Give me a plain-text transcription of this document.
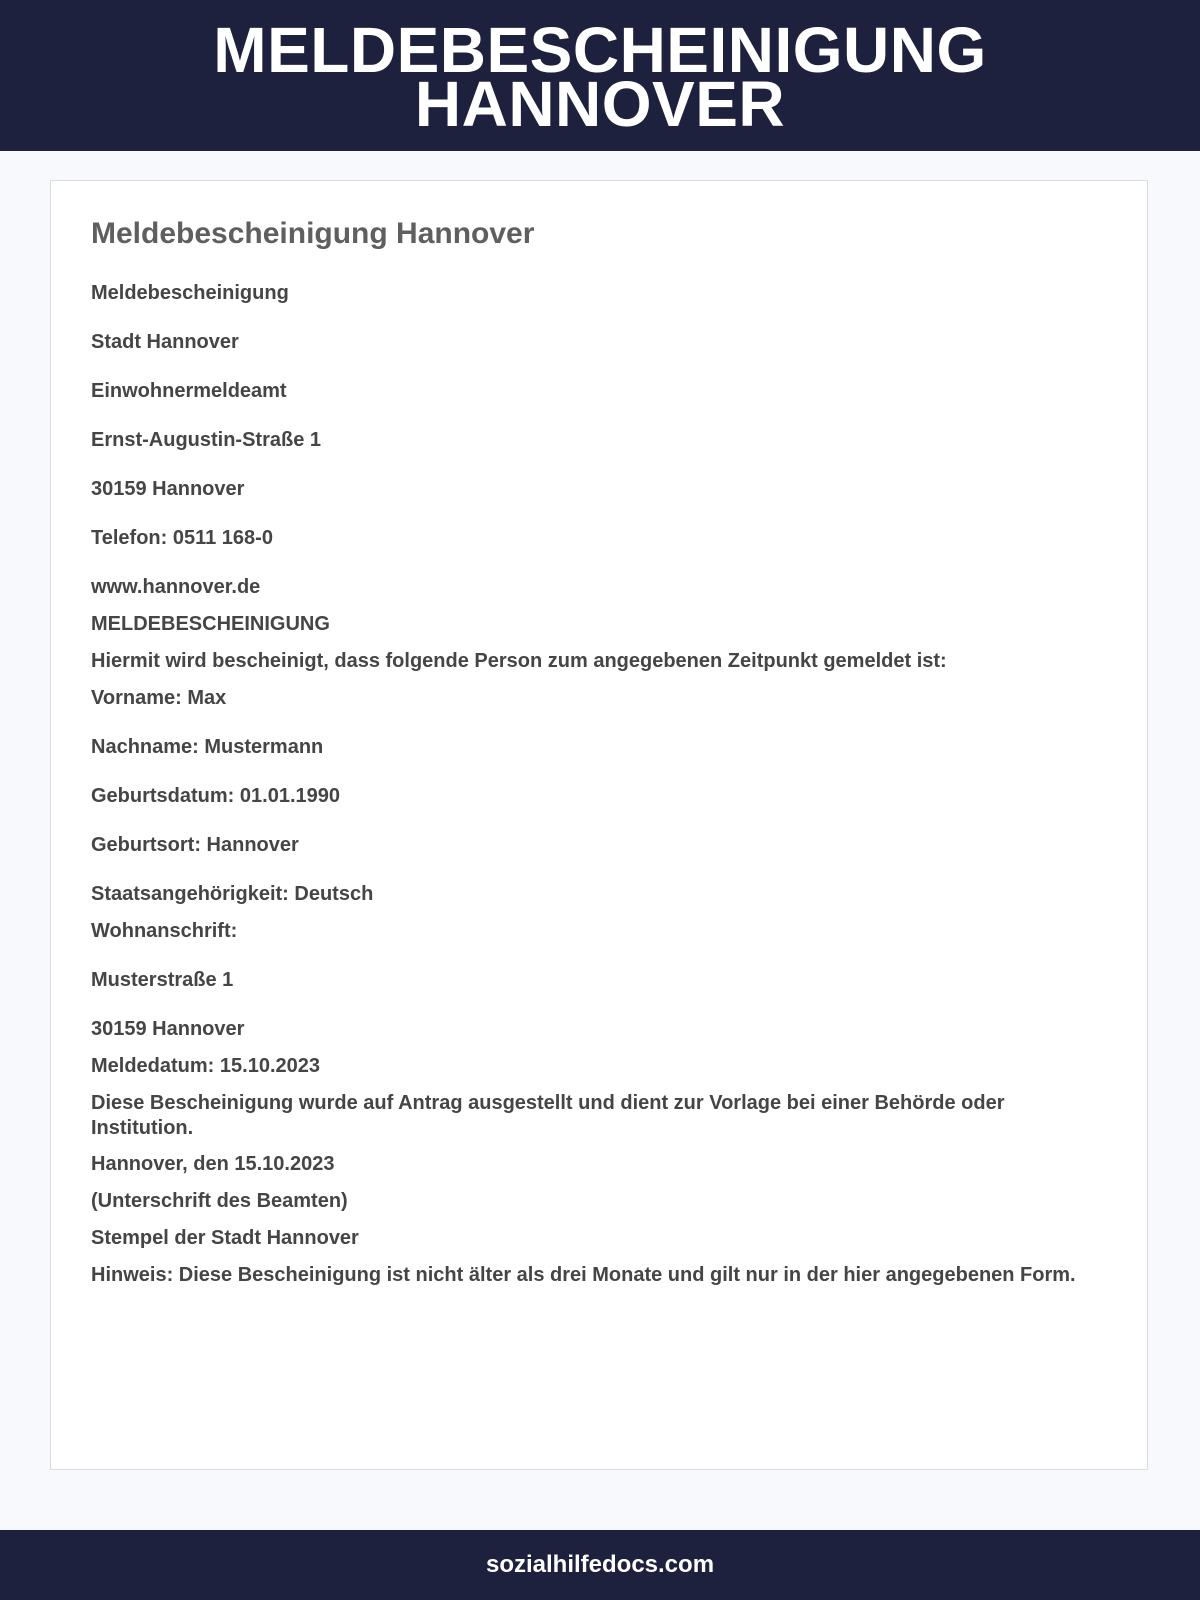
MELDEBESCHEINIGUNG
HANNOVER
Meldebescheinigung Hannover

Meldebescheinigung

Stadt Hannover

Einwohnermeldeamt

Ernst-Augustin-Straße 1

30159 Hannover

Telefon: 0511 168-0

www.hannover.de

MELDEBESCHEINIGUNG

Hiermit wird bescheinigt, dass folgende Person zum angegebenen Zeitpunkt gemeldet ist:

Vorname: Max

Nachname: Mustermann

Geburtsdatum: 01.01.1990

Geburtsort: Hannover

Staatsangehörigkeit: Deutsch

Wohnanschrift:

Musterstraße 1

30159 Hannover

Meldedatum: 15.10.2023

Diese Bescheinigung wurde auf Antrag ausgestellt und dient zur Vorlage bei einer Behörde oder Institution.

Hannover, den 15.10.2023

(Unterschrift des Beamten)

Stempel der Stadt Hannover

Hinweis: Diese Bescheinigung ist nicht älter als drei Monate und gilt nur in der hier angegebenen Form.

sozialhilfedocs.com
